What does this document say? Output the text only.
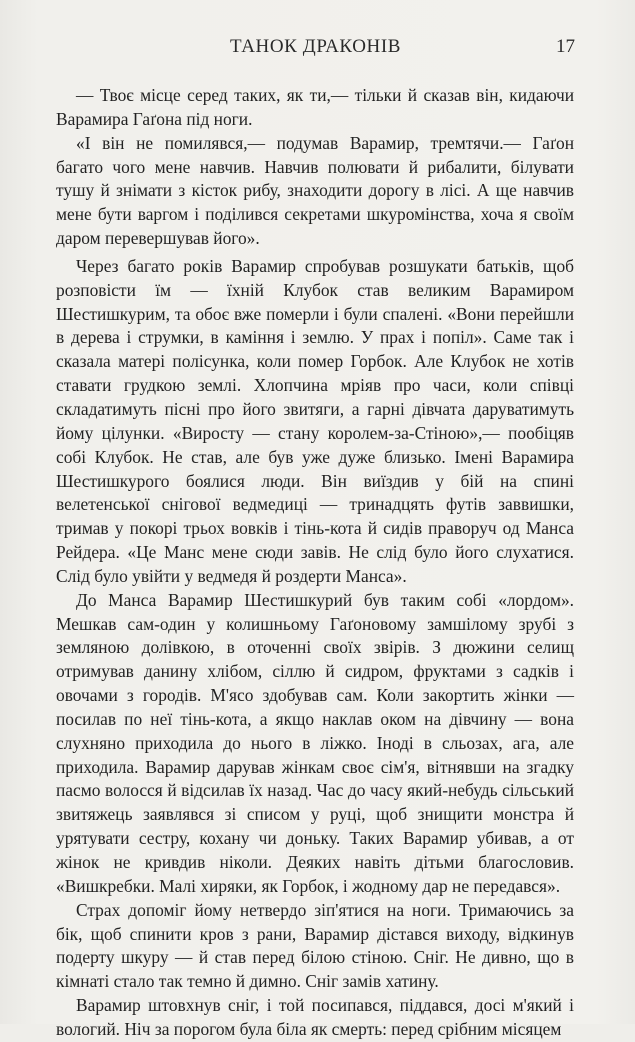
ТАНОК ДРАКОНІВ	17

— Твоє місце серед таких, як ти,— тільки й сказав він, кидаючи Варамира Гаґона під ноги.

«І він не помилявся,— подумав Варамир, тремтячи.— Гаґон багато чого мене навчив. Навчив полювати й рибалити, білувати тушу й знімати з кісток рибу, знаходити дорогу в лісі. А ще навчив мене бути варгом і поділився секретами шкуромінства, хоча я своїм даром перевершував його».

Через багато років Варамир спробував розшукати батьків, щоб розповісти їм — їхній Клубок став великим Варамиром Шестишкурим, та обоє вже померли і були спалені. «Вони перейшли в дерева і струмки, в каміння і землю. У прах і попіл». Саме так і сказала матері полісунка, коли помер Горбок. Але Клубок не хотів ставати грудкою землі. Хлопчина мріяв про часи, коли співці складатимуть пісні про його звитяги, а гарні дівчата даруватимуть йому цілунки. «Виросту — стану королем-за-Стіною»,— пообіцяв собі Клубок. Не став, але був уже дуже близько. Імені Варамира Шестишкурого боялися люди. Він виїздив у бій на спині велетенської снігової ведмедиці — тринадцять футів заввишки, тримав у покорі трьох вовків і тінь-кота й сидів праворуч од Манса Рейдера. «Це Манс мене сюди завів. Не слід було його слухатися. Слід було увійти у ведмедя й роздерти Манса».

До Манса Варамир Шестишкурий був таким собі «лордом». Мешкав сам-один у колишньому Гаґоновому замшілому зрубі з земляною долівкою, в оточенні своїх звірів. З дюжини селищ отримував данину хлібом, сіллю й сидром, фруктами з садків і овочами з городів. М'ясо здобував сам. Коли закортить жінки — посилав по неї тінь-кота, а якщо наклав оком на дівчину — вона слухняно приходила до нього в ліжко. Іноді в сльозах, ага, але приходила. Варамир дарував жінкам своє сім'я, вітнявши на згадку пасмо волосся й відсилав їх назад. Час до часу який-небудь сільський звитяжець заявлявся зі списом у руці, щоб знищити монстра й урятувати сестру, кохану чи доньку. Таких Варамир убивав, а от жінок не кривдив ніколи. Деяких навіть дітьми благословив. «Вишкребки. Малі хиряки, як Горбок, і жодному дар не передався».

Страх допоміг йому нетвердо зіп'ятися на ноги. Тримаючись за бік, щоб спинити кров з рани, Варамир дістався виходу, відкинув подерту шкуру — й став перед білою стіною. Сніг. Не дивно, що в кімнаті стало так темно й димно. Сніг замів хатину.

Варамир штовхнув сніг, і той посипався, піддався, досі м'який і вологий. Ніч за порогом була біла як смерть: перед срібним місяцем
